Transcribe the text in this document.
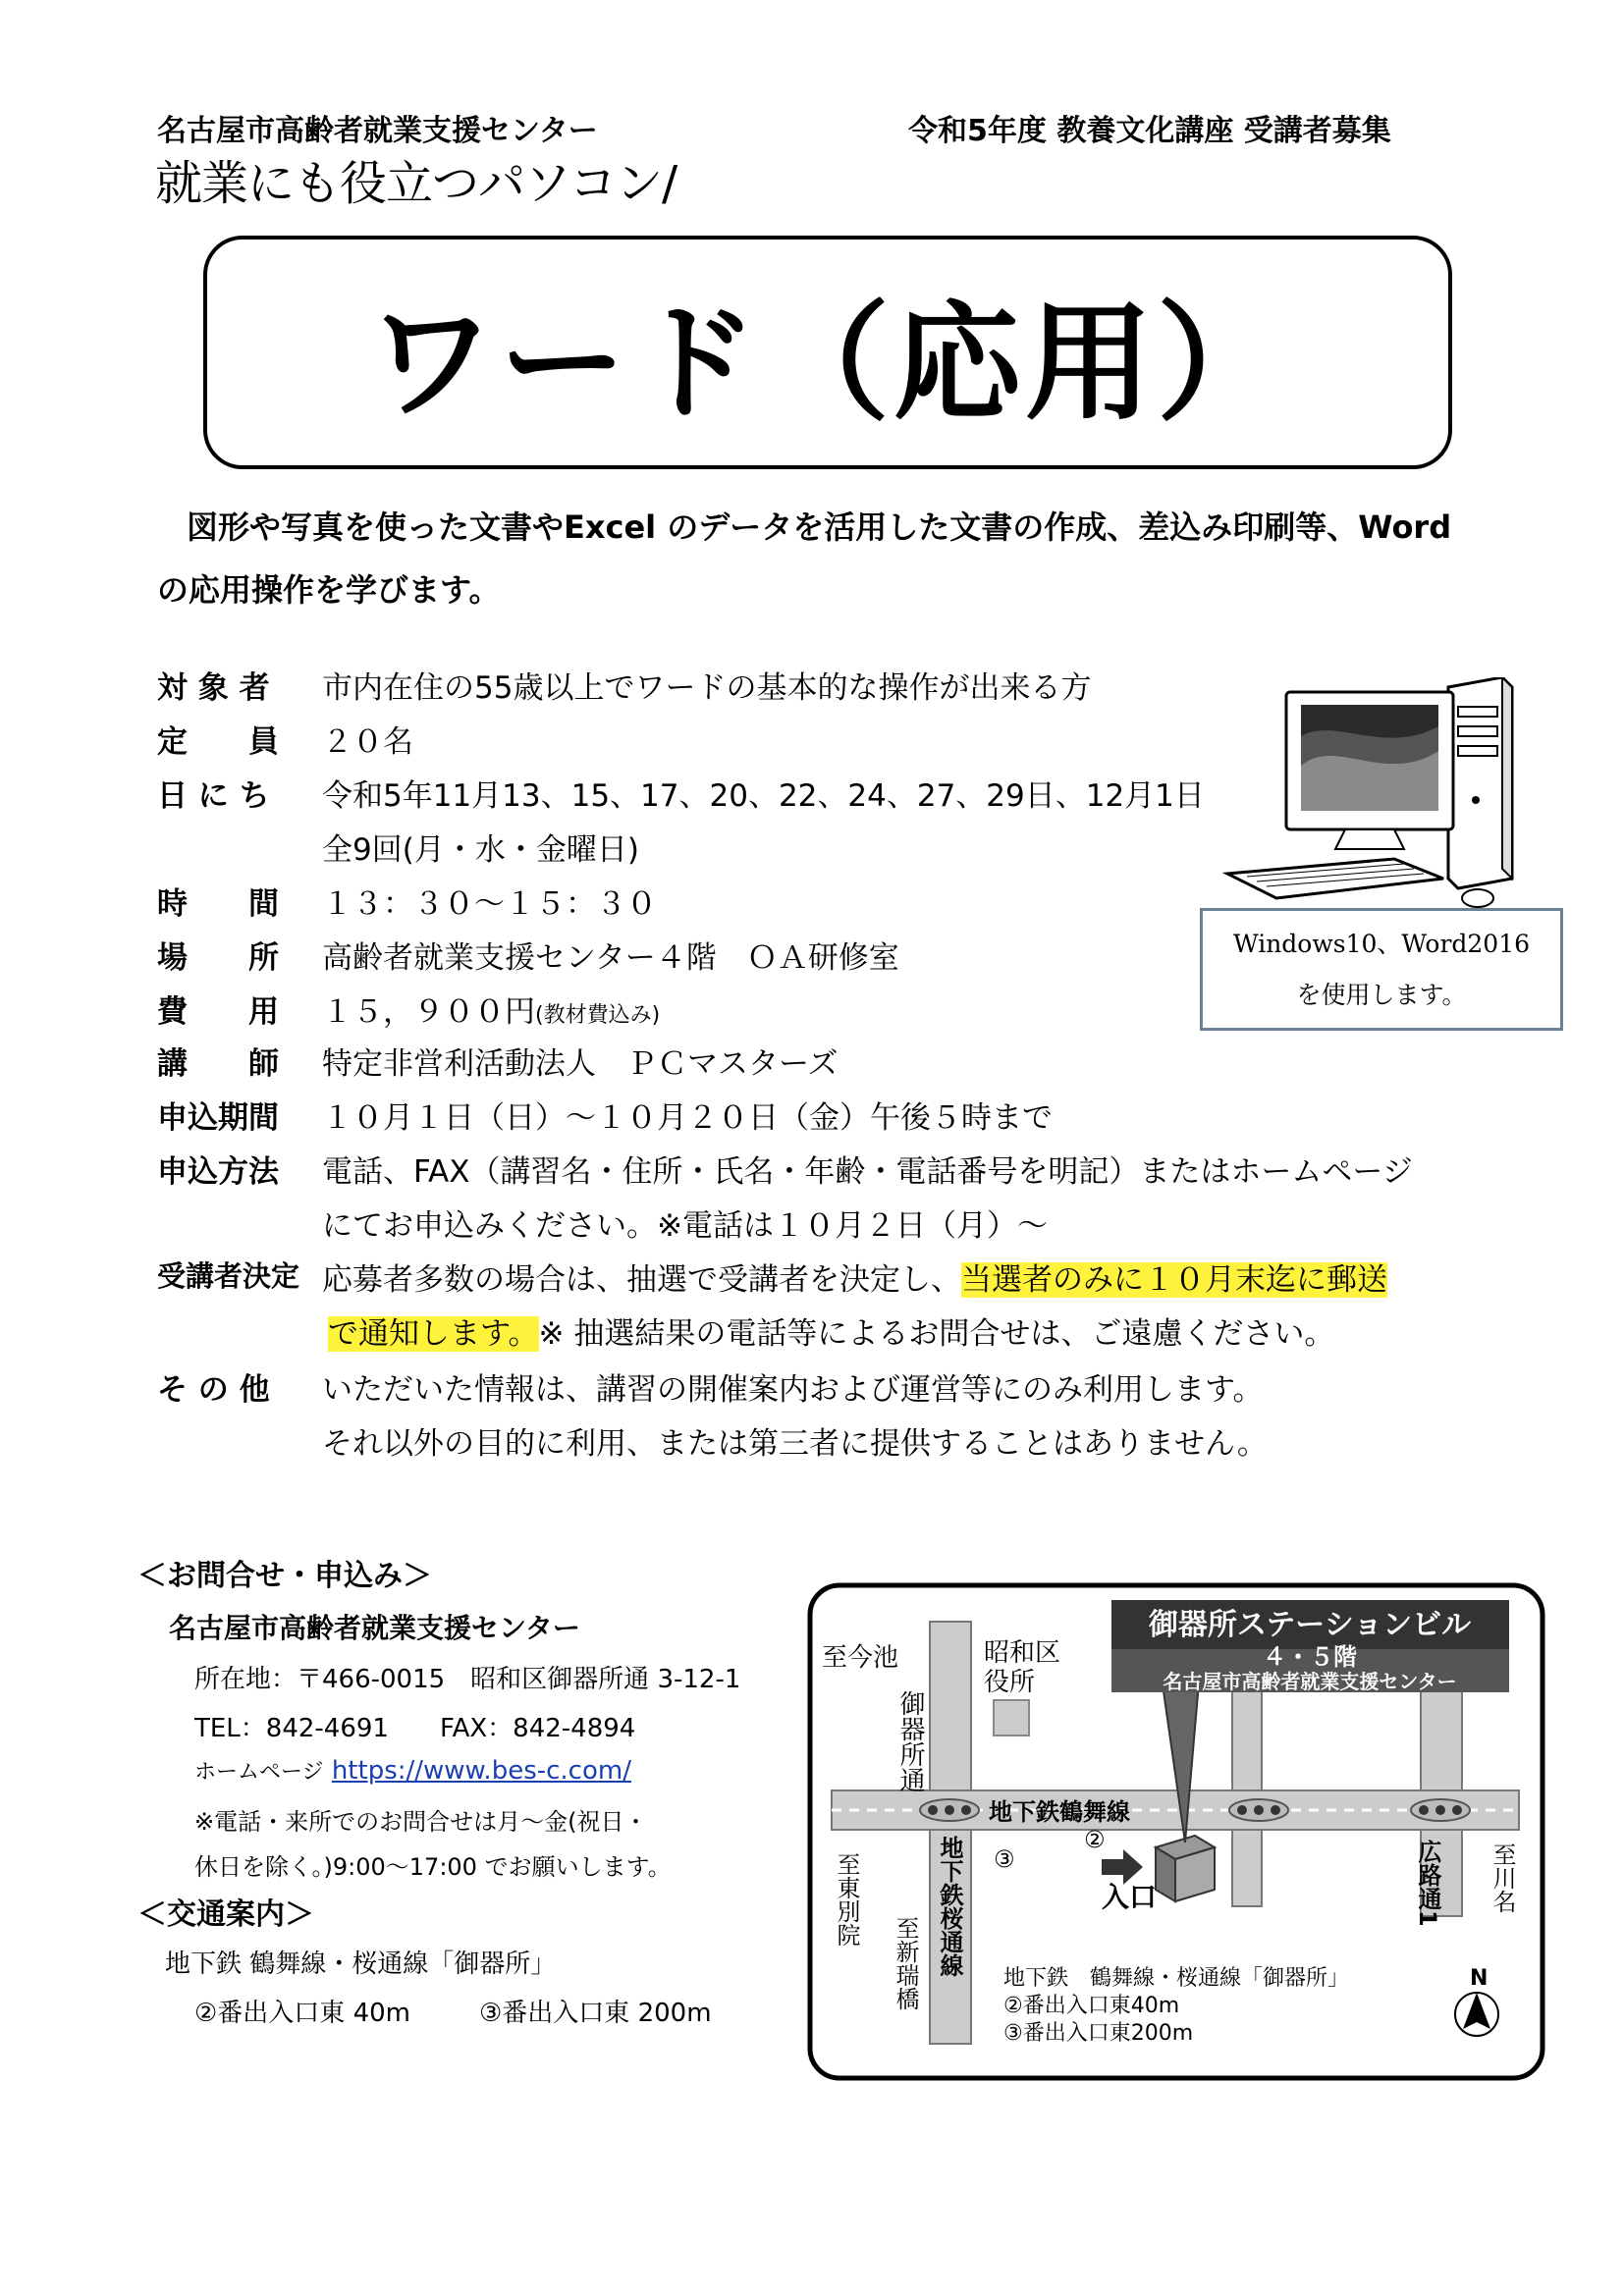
名古屋市高齢者就業支援センター	令和5年度 教養文化講座 受講者募集
就業にも役立つパソコン/
ワード（応用）
図形や写真を使った文書やExcel のデータを活用した文書の作成、差込み印刷等、Word の応用操作を学びます。
対 象 者 市内在住の55歳以上でワードの基本的な操作が出来る方
定　　員 ２０名
日 に ち 令和5年11月13、15、17、20、22、24、27、29日、12月1日
全9回(月・水・金曜日)
時　　間 １３：３０～１５：３０
場　　所 高齢者就業支援センター４階　ＯＡ研修室
費　　用 １５，９００円(教材費込み)
講　　師 特定非営利活動法人　ＰＣマスターズ
申込期間 １０月１日（日）～１０月２０日（金）午後５時まで
申込方法 電話、FAX（講習名・住所・氏名・年齢・電話番号を明記）またはホームページ
にてお申込みください。※電話は１０月２日（月）～
受講者決定 応募者多数の場合は、抽選で受講者を決定し、当選者のみに１０月末迄に郵送
で通知します。※ 抽選結果の電話等によるお問合せは、ご遠慮ください。
そ の 他 いただいた情報は、講習の開催案内および運営等にのみ利用します。
それ以外の目的に利用、または第三者に提供することはありません。
Windows10、Word2016
を使用します。
＜お問合せ・申込み＞
名古屋市高齢者就業支援センター
所在地：〒466-0015　昭和区御器所通 3-12-1
TEL：842-4691 FAX：842-4894
ホームページ https://www.bes-c.com/
※電話・来所でのお問合せは月～金(祝日・
休日を除く。)9:00～17:00 でお願いします。
＜交通案内＞
地下鉄 鶴舞線・桜通線「御器所」
②番出入口東 40m	③番出入口東 200m
御器所ステーションビル
４・５階
名古屋市高齢者就業支援センター
至今池
御器所通
昭和区
役所
地下鉄鶴舞線
至東別院	地下鉄桜通線
至新瑞橋
③
②
入口	広路通1 至川名
地下鉄　鶴舞線・桜通線「御器所」
②番出入口東40m
③番出入口東200m
N
